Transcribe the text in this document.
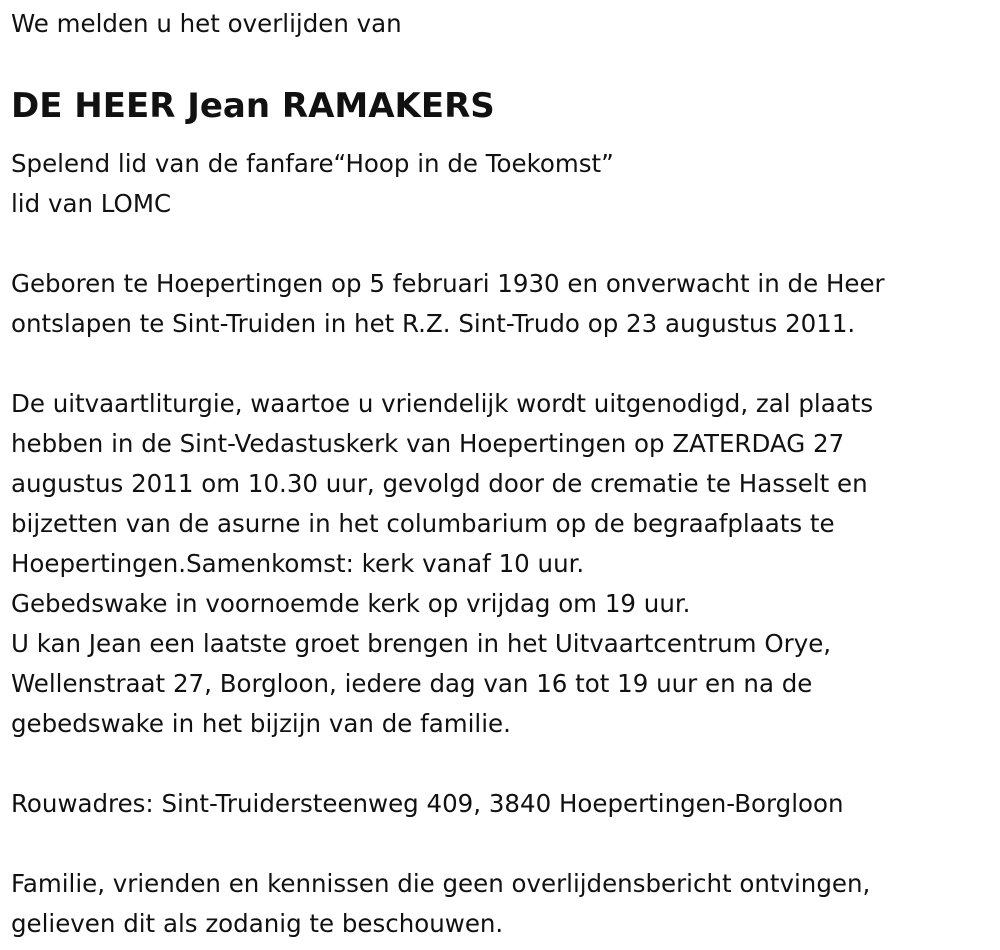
We melden u het overlijden van
DE HEER Jean RAMAKERS
Spelend lid van de fanfare“Hoop in de Toekomst”
lid van LOMC
Geboren te Hoepertingen op 5 februari 1930 en onverwacht in de Heer
ontslapen te Sint-Truiden in het R.Z. Sint-Trudo op 23 augustus 2011.
De uitvaartliturgie, waartoe u vriendelijk wordt uitgenodigd, zal plaats
hebben in de Sint-Vedastuskerk van Hoepertingen op ZATERDAG 27
augustus 2011 om 10.30 uur, gevolgd door de crematie te Hasselt en
bijzetten van de asurne in het columbarium op de begraafplaats te
Hoepertingen.Samenkomst: kerk vanaf 10 uur.
Gebedswake in voornoemde kerk op vrijdag om 19 uur.
U kan Jean een laatste groet brengen in het Uitvaartcentrum Orye,
Wellenstraat 27, Borgloon, iedere dag van 16 tot 19 uur en na de
gebedswake in het bijzijn van de familie.
Rouwadres: Sint-Truidersteenweg 409, 3840 Hoepertingen-Borgloon
Familie, vrienden en kennissen die geen overlijdensbericht ontvingen,
gelieven dit als zodanig te beschouwen.
